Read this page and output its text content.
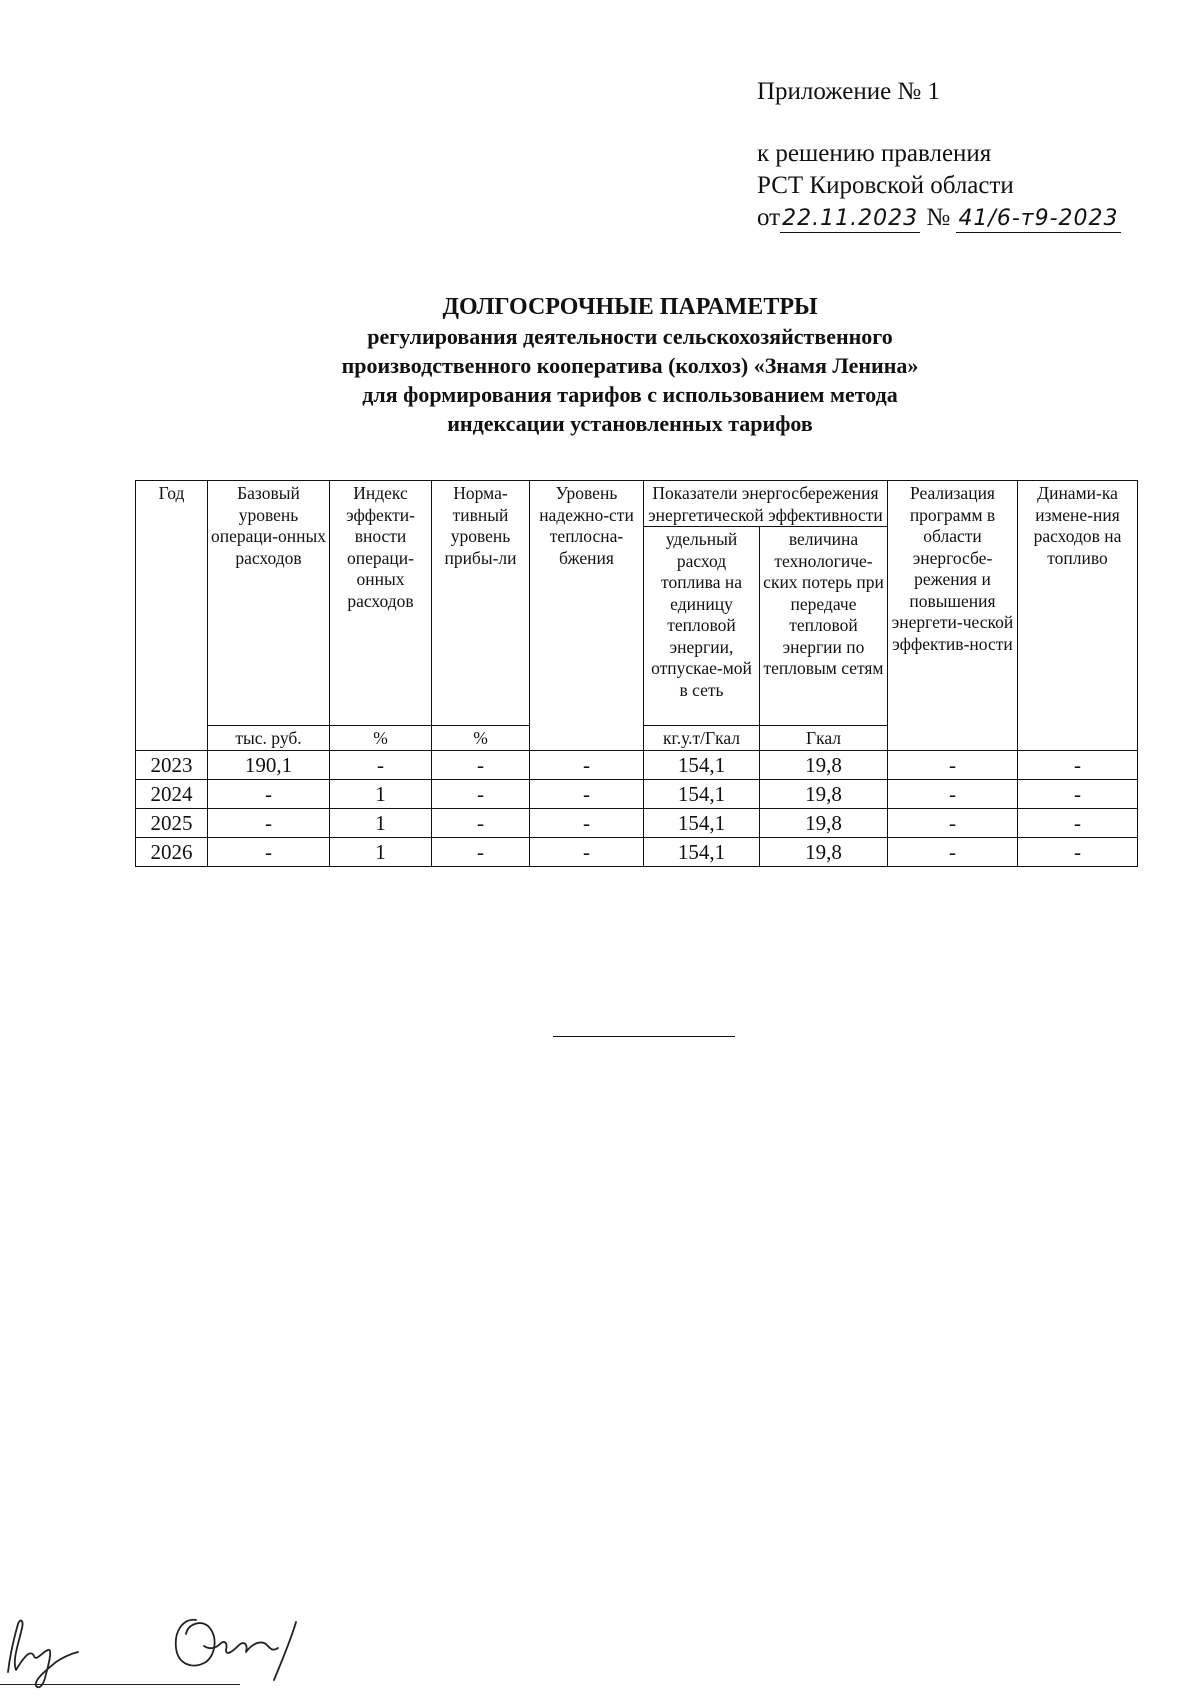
Приложение № 1
к решению правления
РСТ Кировской области
от22.11.2023 № 41/6-т9-2023
ДОЛГОСРОЧНЫЕ ПАРАМЕТРЫ
регулирования деятельности сельскохозяйственного
производственного кооператива (колхоз) «Знамя Ленина»
для формирования тарифов с использованием метода
индексации установленных тарифов
Год	Базовый уровень операци-онных расходов	Индекс эффекти-вности операци-онных расходов	Норма-тивный уровень прибы-ли	Уровень надежно-сти теплосна-бжения	Показатели энергосбережения энергетической эффективности		Реализация программ в области энергосбе-режения и повышения энергети-ческой эффектив-ности	Динами-ка измене-ния расходов на топливо
					удельный расход топлива на единицу тепловой энергии, отпускае-мой в сеть	величина технологиче-ских потерь при передаче тепловой энергии по тепловым сетям		
	тыс. руб.	%	%		кг.у.т/Гкал	Гкал		
2023	190,1	-	-	-	154,1	19,8	-	-
2024	-	1	-	-	154,1	19,8	-	-
2025	-	1	-	-	154,1	19,8	-	-
2026	-	1	-	-	154,1	19,8	-	-
